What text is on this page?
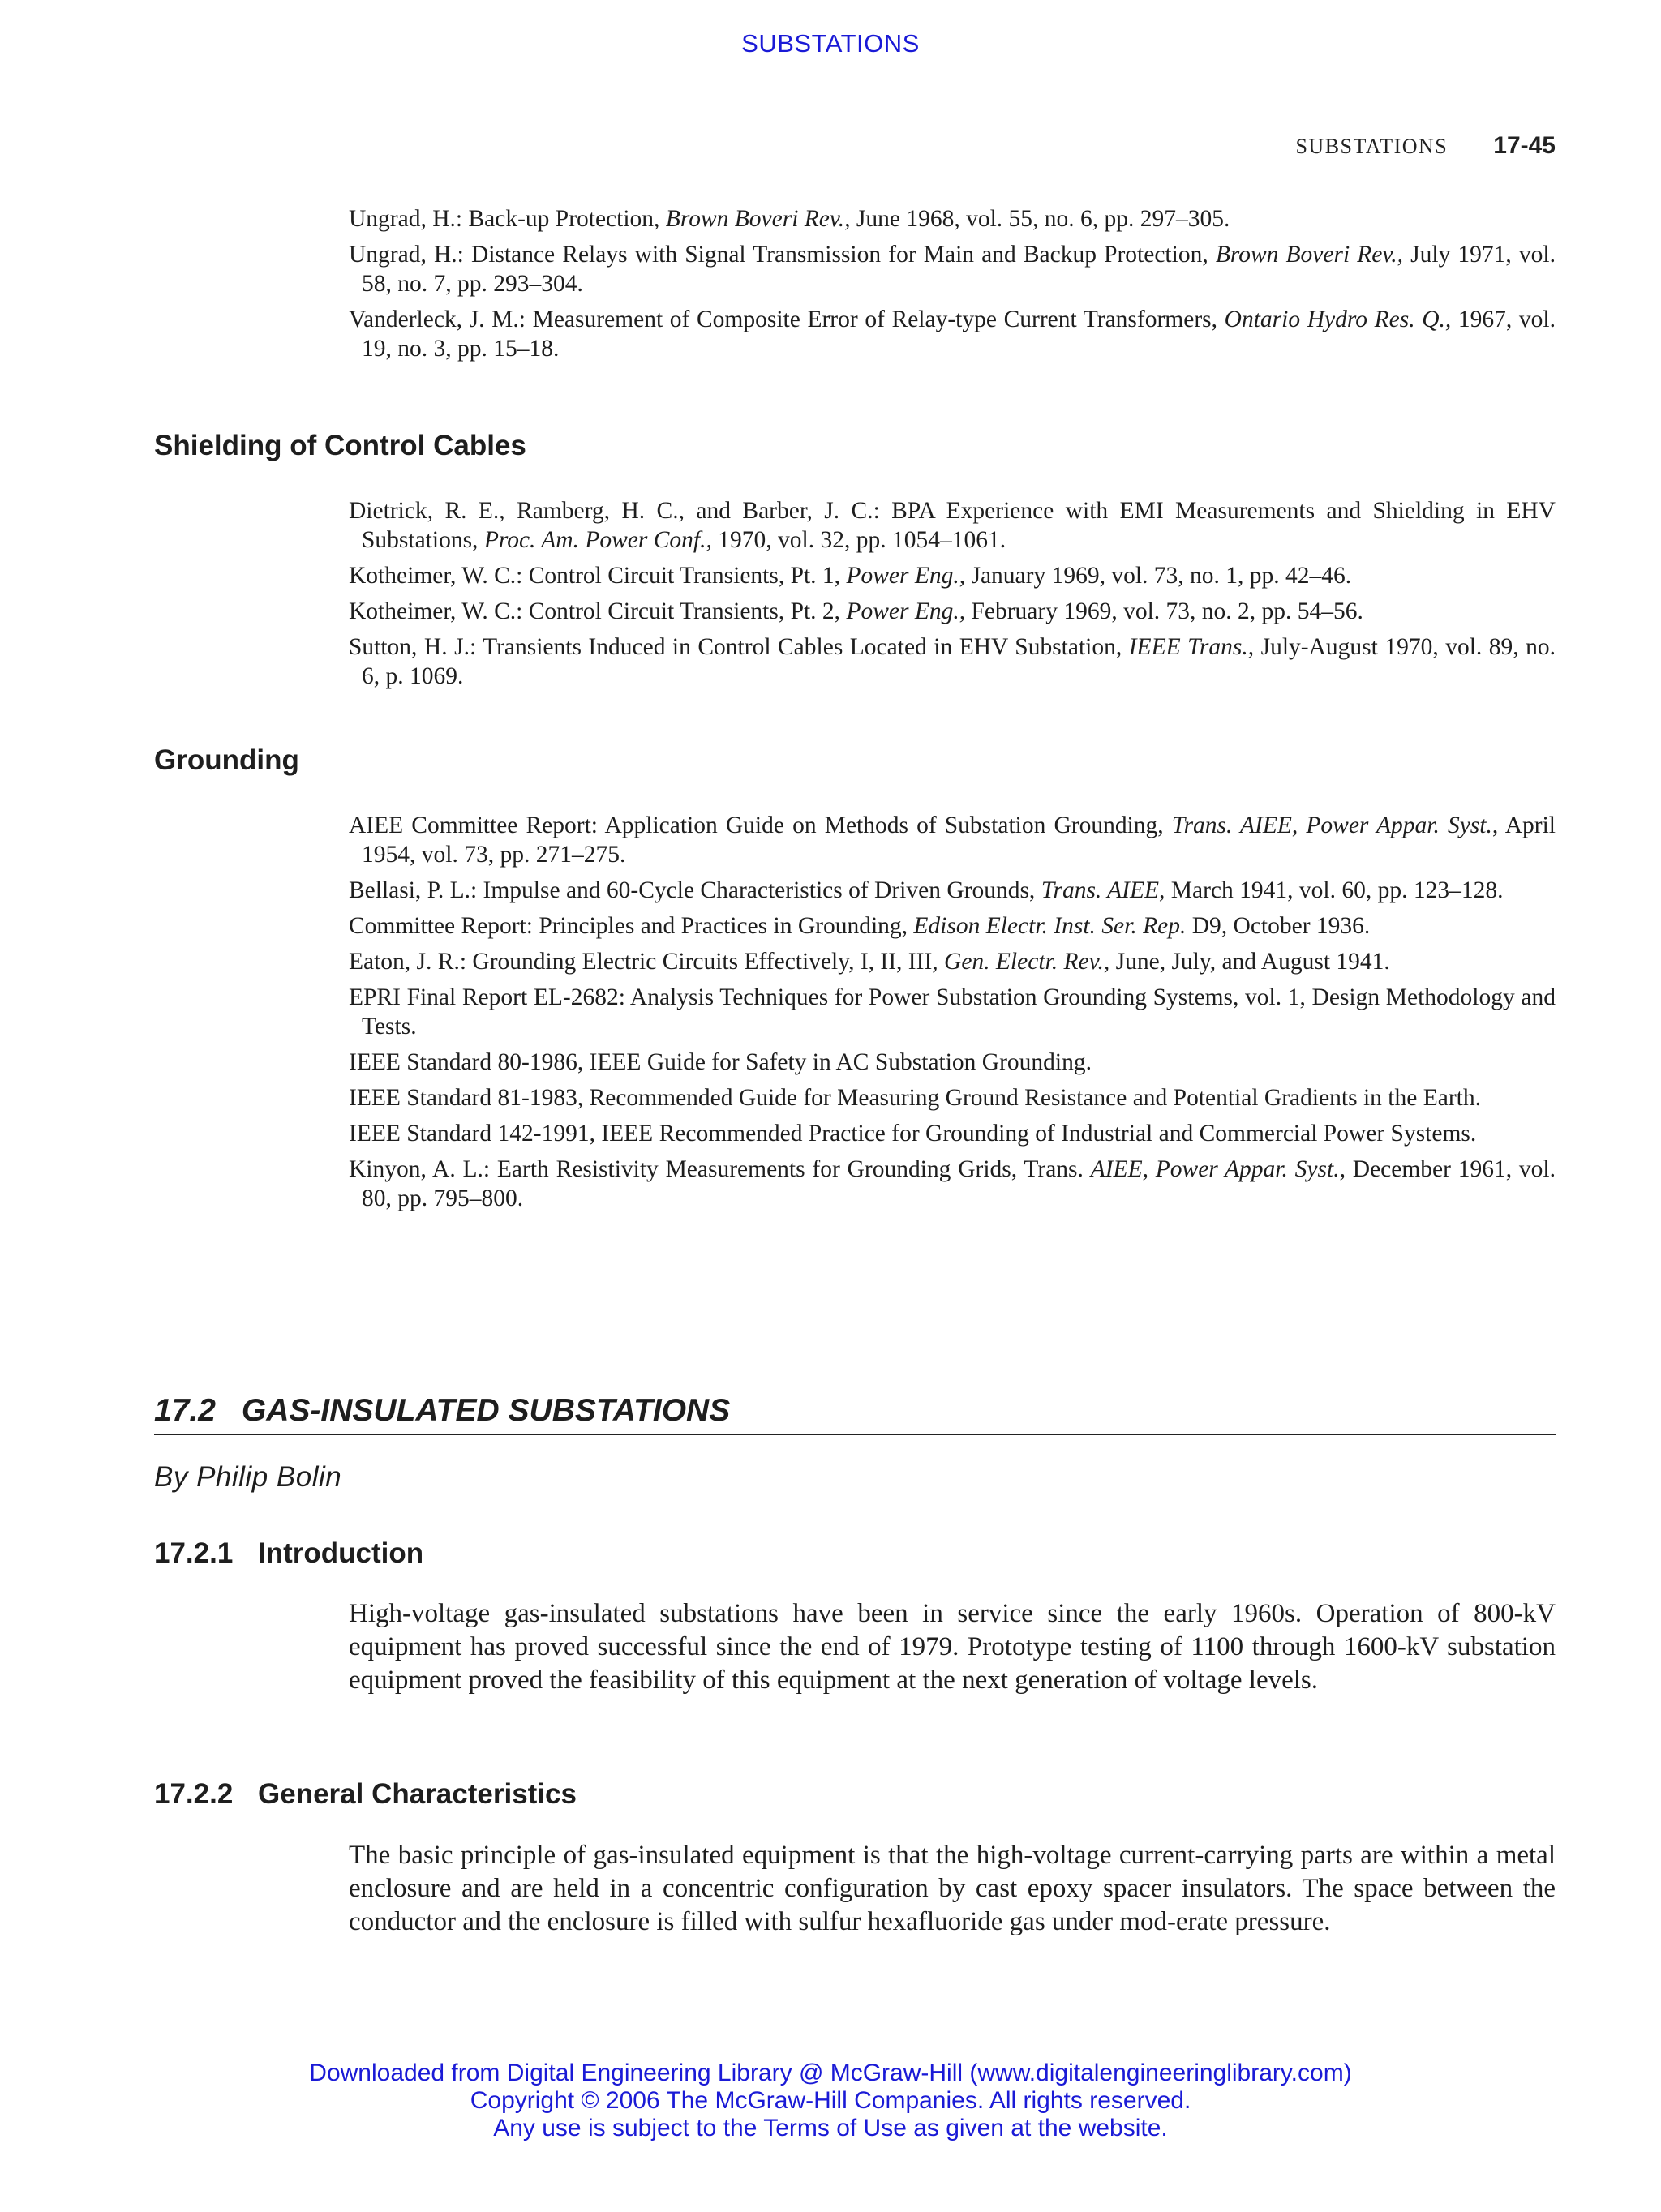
SUBSTATIONS
SUBSTATIONS 17-45

Ungrad, H.: Back-up Protection, Brown Boveri Rev., June 1968, vol. 55, no. 6, pp. 297–305.

Ungrad, H.: Distance Relays with Signal Transmission for Main and Backup Protection, Brown Boveri Rev., July 1971, vol. 58, no. 7, pp. 293–304.

Vanderleck, J. M.: Measurement of Composite Error of Relay-type Current Transformers, Ontario Hydro Res. Q., 1967, vol. 19, no. 3, pp. 15–18.

Shielding of Control Cables

Dietrick, R. E., Ramberg, H. C., and Barber, J. C.: BPA Experience with EMI Measurements and Shielding in EHV Substations, Proc. Am. Power Conf., 1970, vol. 32, pp. 1054–1061.

Kotheimer, W. C.: Control Circuit Transients, Pt. 1, Power Eng., January 1969, vol. 73, no. 1, pp. 42–46.

Kotheimer, W. C.: Control Circuit Transients, Pt. 2, Power Eng., February 1969, vol. 73, no. 2, pp. 54–56.

Sutton, H. J.: Transients Induced in Control Cables Located in EHV Substation, IEEE Trans., July-August 1970, vol. 89, no. 6, p. 1069.

Grounding

AIEE Committee Report: Application Guide on Methods of Substation Grounding, Trans. AIEE, Power Appar. Syst., April 1954, vol. 73, pp. 271–275.

Bellasi, P. L.: Impulse and 60-Cycle Characteristics of Driven Grounds, Trans. AIEE, March 1941, vol. 60, pp. 123–128.

Committee Report: Principles and Practices in Grounding, Edison Electr. Inst. Ser. Rep. D9, October 1936.

Eaton, J. R.: Grounding Electric Circuits Effectively, I, II, III, Gen. Electr. Rev., June, July, and August 1941.

EPRI Final Report EL-2682: Analysis Techniques for Power Substation Grounding Systems, vol. 1, Design Methodology and Tests.

IEEE Standard 80-1986, IEEE Guide for Safety in AC Substation Grounding.

IEEE Standard 81-1983, Recommended Guide for Measuring Ground Resistance and Potential Gradients in the Earth.

IEEE Standard 142-1991, IEEE Recommended Practice for Grounding of Industrial and Commercial Power Systems.

Kinyon, A. L.: Earth Resistivity Measurements for Grounding Grids, Trans. AIEE, Power Appar. Syst., December 1961, vol. 80, pp. 795–800.

17.2 GAS-INSULATED SUBSTATIONS
By Philip Bolin
17.2.1 Introduction

High-voltage gas-insulated substations have been in service since the early 1960s. Operation of 800-kV equipment has proved successful since the end of 1979. Prototype testing of 1100 through 1600-kV substation equipment proved the feasibility of this equipment at the next generation of voltage levels.

17.2.2 General Characteristics

The basic principle of gas-insulated equipment is that the high-voltage current-carrying parts are within a metal enclosure and are held in a concentric configuration by cast epoxy spacer insulators. The space between the conductor and the enclosure is filled with sulfur hexafluoride gas under mod-erate pressure.

Downloaded from Digital Engineering Library @ McGraw-Hill (www.digitalengineeringlibrary.com)
Copyright © 2006 The McGraw-Hill Companies. All rights reserved.
Any use is subject to the Terms of Use as given at the website.
